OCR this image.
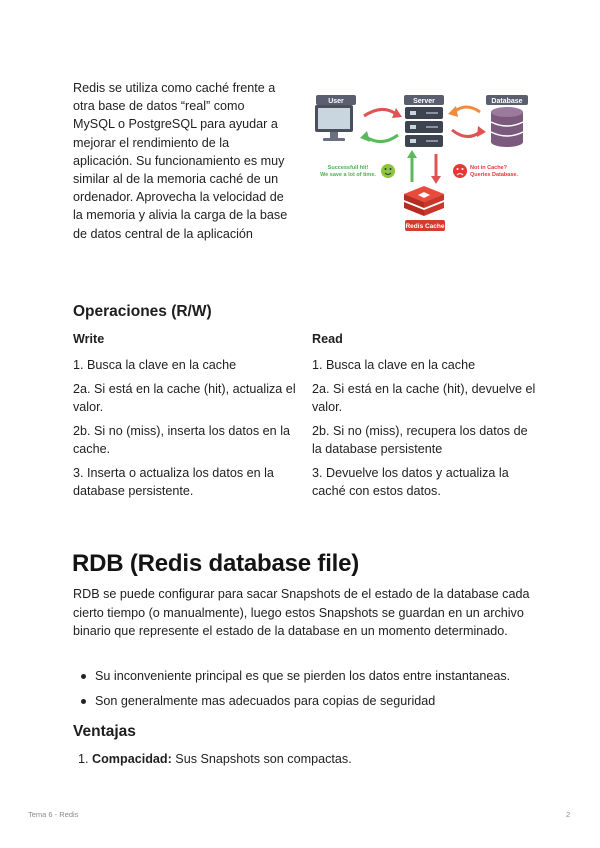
Redis se utiliza como caché frente a otra base de datos “real” como MySQL o PostgreSQL para ayudar a mejorar el rendimiento de la aplicación. Su funcionamiento es muy similar al de la memoria caché de un ordenador. Aprovecha la velocidad de la memoria y alivia la carga de la base de datos central de la aplicación
User	Server	Database
Successfull hit!
We save a lot of time.
Not in Cache?
Queries Database.
Redis Cache
Operaciones (R/W)
Write
1. Busca la clave en la cache
2a. Si está en la cache (hit), actualiza el valor.
2b. Si no (miss), inserta los datos en la cache.
3. Inserta o actualiza los datos en la database persistente.
Read
1. Busca la clave en la cache
2a. Si está en la cache (hit), devuelve el valor.
2b. Si no (miss), recupera los datos de la database persistente
3. Devuelve los datos y actualiza la caché con estos datos.
RDB (Redis database file)
RDB se puede configurar para sacar Snapshots de el estado de la database cada cierto tiempo (o manualmente), luego estos Snapshots se guardan en un archivo binario que represente el estado de la database en un momento determinado.
Su inconveniente principal es que se pierden los datos entre instantaneas.
Son generalmente mas adecuados para copias de seguridad
Ventajas
1. Compacidad: Sus Snapshots son compactas.
Tema 6 - Redis	2
